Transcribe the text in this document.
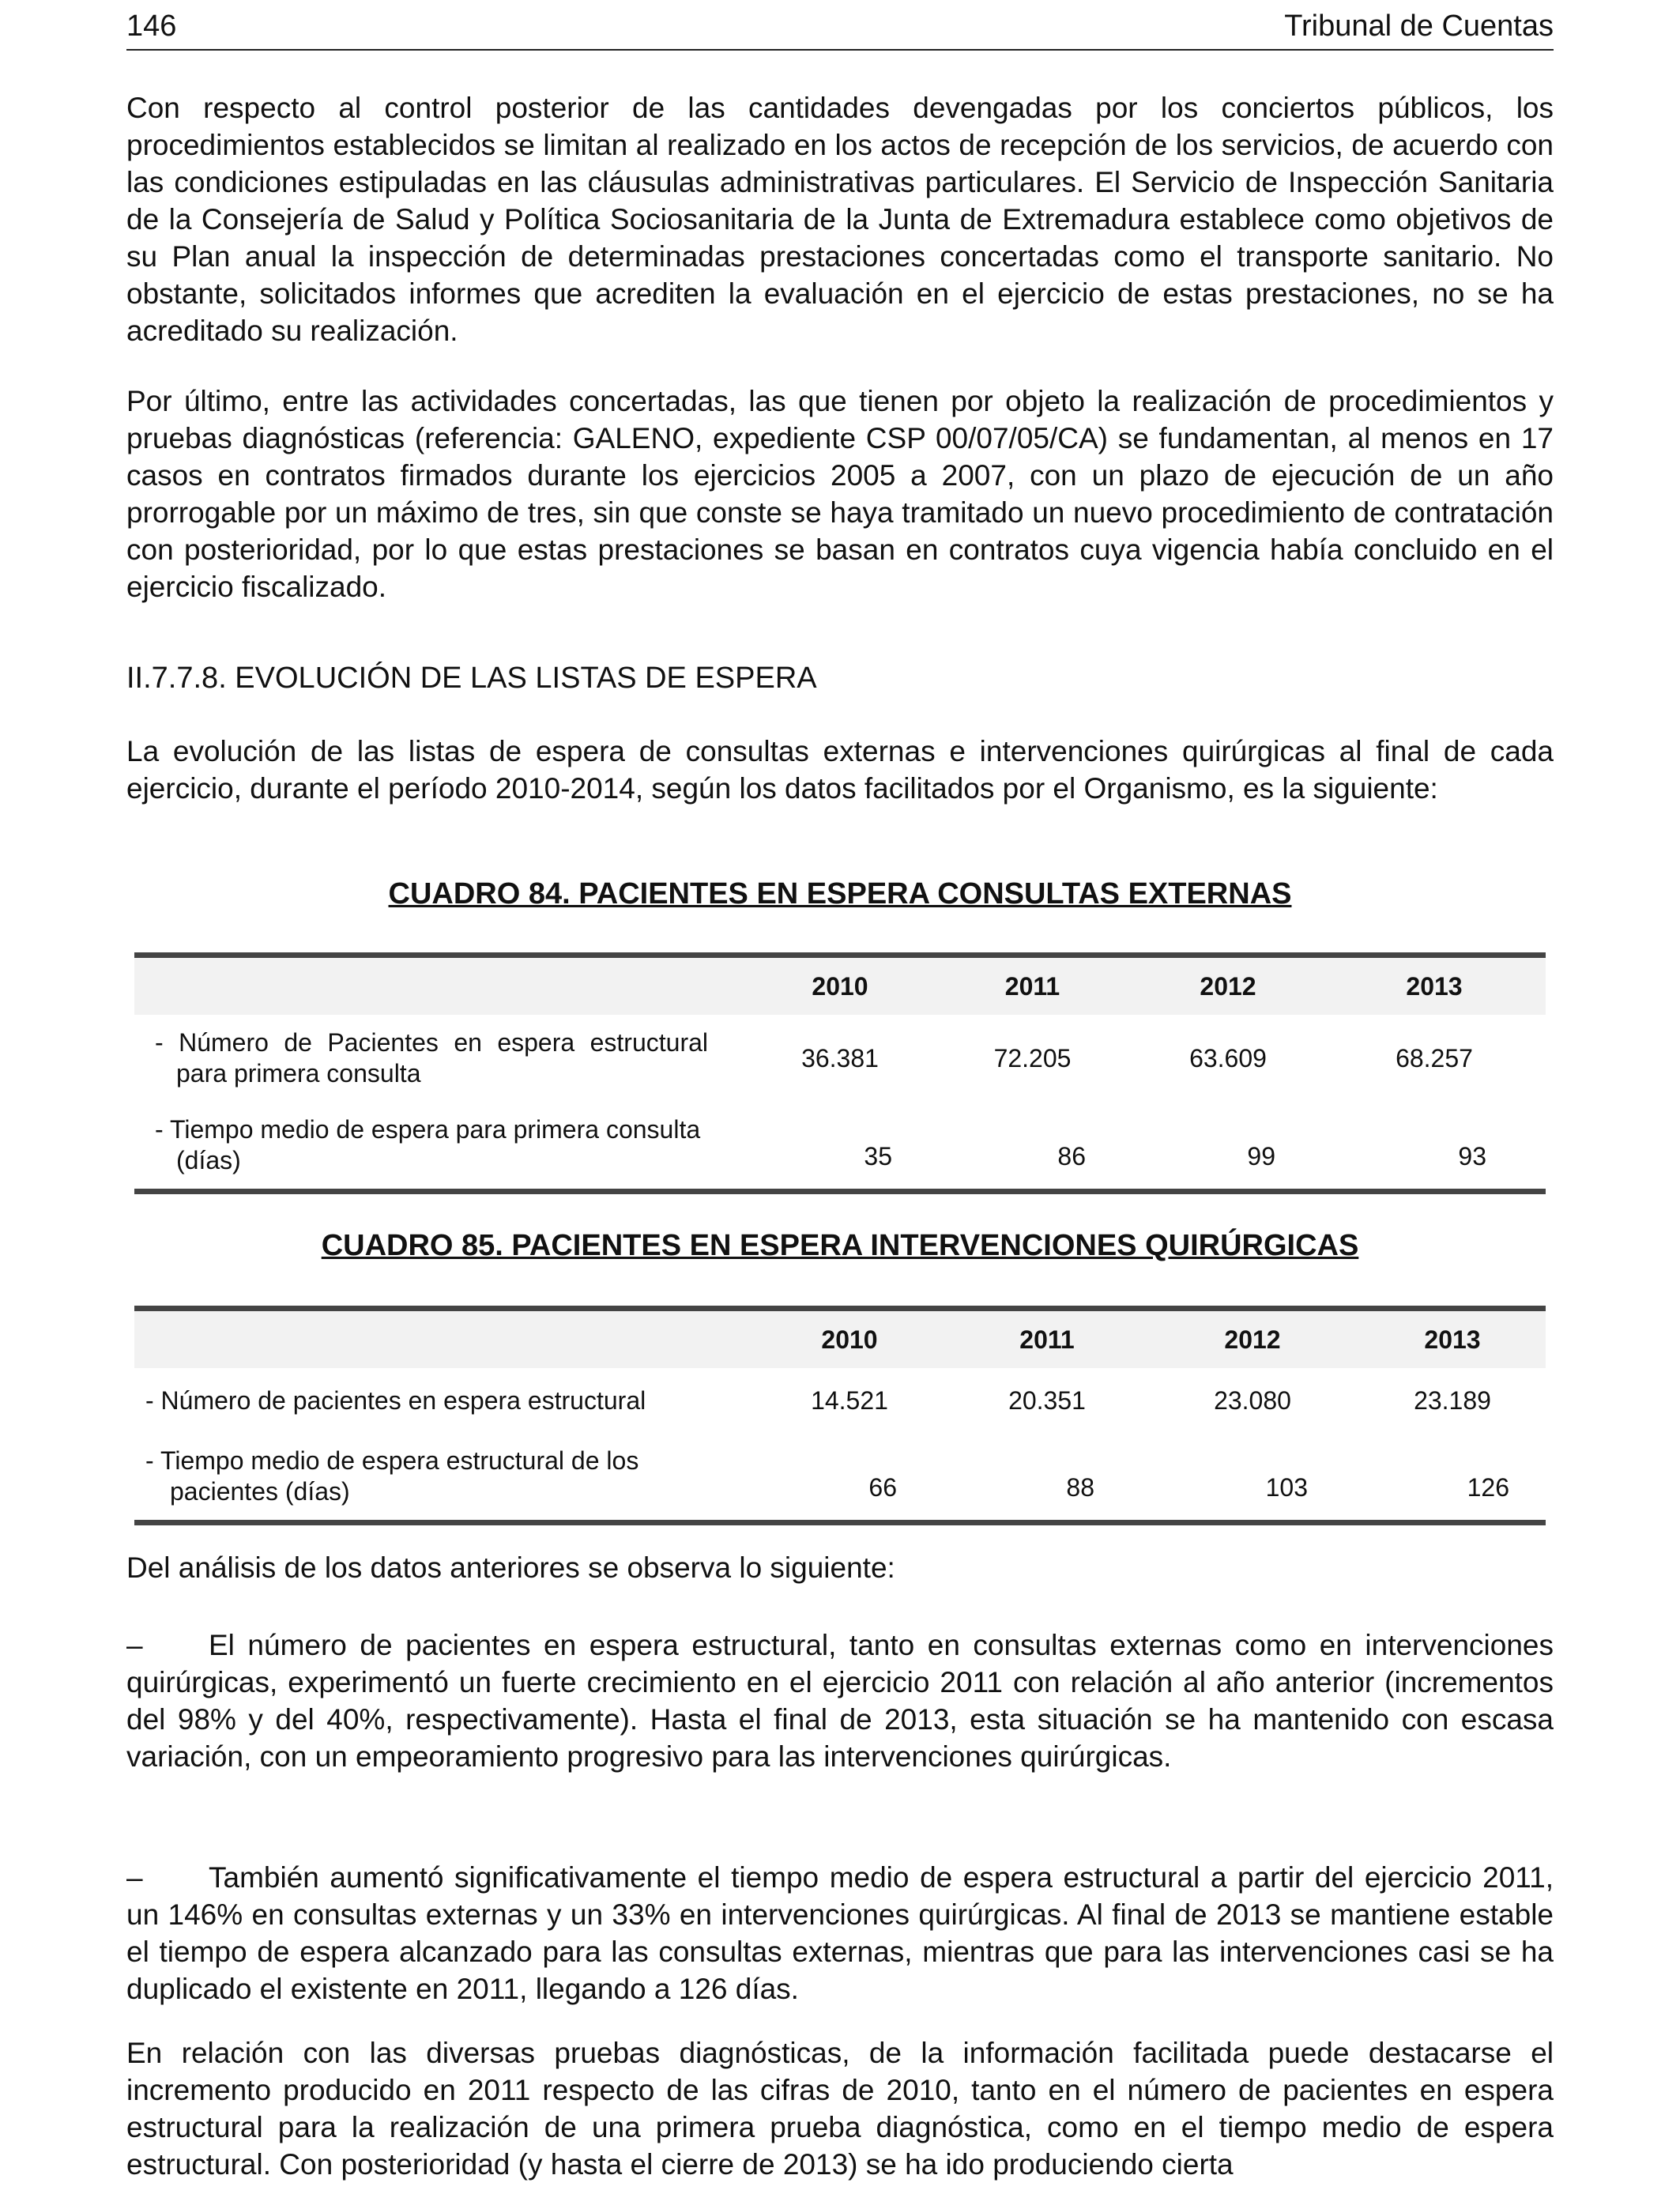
146	Tribunal de Cuentas

Con respecto al control posterior de las cantidades devengadas por los conciertos públicos, los procedimientos establecidos se limitan al realizado en los actos de recepción de los servicios, de acuerdo con las condiciones estipuladas en las cláusulas administrativas particulares. El Servicio de Inspección Sanitaria de la Consejería de Salud y Política Sociosanitaria de la Junta de Extremadura establece como objetivos de su Plan anual la inspección de determinadas prestaciones concertadas como el transporte sanitario. No obstante, solicitados informes que acrediten la evaluación en el ejercicio de estas prestaciones, no se ha acreditado su realización.

Por último, entre las actividades concertadas, las que tienen por objeto la realización de procedimientos y pruebas diagnósticas (referencia: GALENO, expediente CSP 00/07/05/CA) se fundamentan, al menos en 17 casos en contratos firmados durante los ejercicios 2005 a 2007, con un plazo de ejecución de un año prorrogable por un máximo de tres, sin que conste se haya tramitado un nuevo procedimiento de contratación con posterioridad, por lo que estas prestaciones se basan en contratos cuya vigencia había concluido en el ejercicio fiscalizado.

II.7.7.8. EVOLUCIÓN DE LAS LISTAS DE ESPERA

La evolución de las listas de espera de consultas externas e intervenciones quirúrgicas al final de cada ejercicio, durante el período 2010-2014, según los datos facilitados por el Organismo, es la siguiente:

CUADRO 84. PACIENTES EN ESPERA CONSULTAS EXTERNAS
	2010	2011	2012	2013

- Número de Pacientes en espera estructural
para primera consulta	36.381	72.205	63.609	68.257

- Tiempo medio de espera para primera consulta
(días)	35	86	99	93
CUADRO 85. PACIENTES EN ESPERA INTERVENCIONES QUIRÚRGICAS
	2010	2011	2012	2013

- Número de pacientes en espera estructural	14.521	20.351	23.080	23.189

- Tiempo medio de espera estructural de los
pacientes (días)	66	88	103	126

Del análisis de los datos anteriores se observa lo siguiente:

– El número de pacientes en espera estructural, tanto en consultas externas como en intervenciones quirúrgicas, experimentó un fuerte crecimiento en el ejercicio 2011 con relación al año anterior (incrementos del 98% y del 40%, respectivamente). Hasta el final de 2013, esta situación se ha mantenido con escasa variación, con un empeoramiento progresivo para las intervenciones quirúrgicas.

– También aumentó significativamente el tiempo medio de espera estructural a partir del ejercicio 2011, un 146% en consultas externas y un 33% en intervenciones quirúrgicas. Al final de 2013 se mantiene estable el tiempo de espera alcanzado para las consultas externas, mientras que para las intervenciones casi se ha duplicado el existente en 2011, llegando a 126 días.

En relación con las diversas pruebas diagnósticas, de la información facilitada puede destacarse el incremento producido en 2011 respecto de las cifras de 2010, tanto en el número de pacientes en espera estructural para la realización de una primera prueba diagnóstica, como en el tiempo medio de espera estructural. Con posterioridad (y hasta el cierre de 2013) se ha ido produciendo cierta
